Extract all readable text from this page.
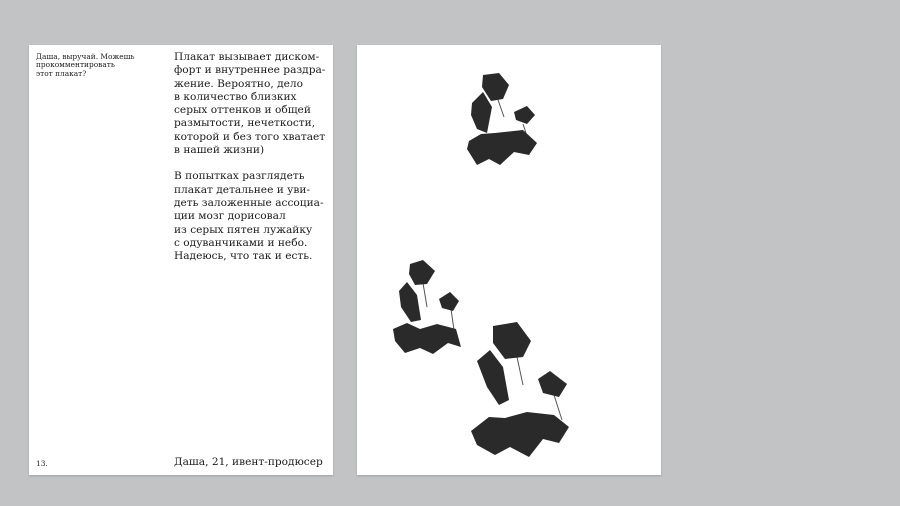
Даша, выручай. Можешь
прокомментировать
этот плакат?

Плакат вызывает диском-
форт и внутреннее раздра-
жение. Вероятно, дело
в количество близких
серых оттенков и общей
размытости, нечеткости,
которой и без того хватает
в нашей жизни)

В попытках разглядеть
плакат детальнее и уви-
деть заложенные ассоциа-
ции мозг дорисовал
из серых пятен лужайку
с одуванчиками и небо.
Надеюсь, что так и есть.

13.	Даша, 21, ивент-продюсер
